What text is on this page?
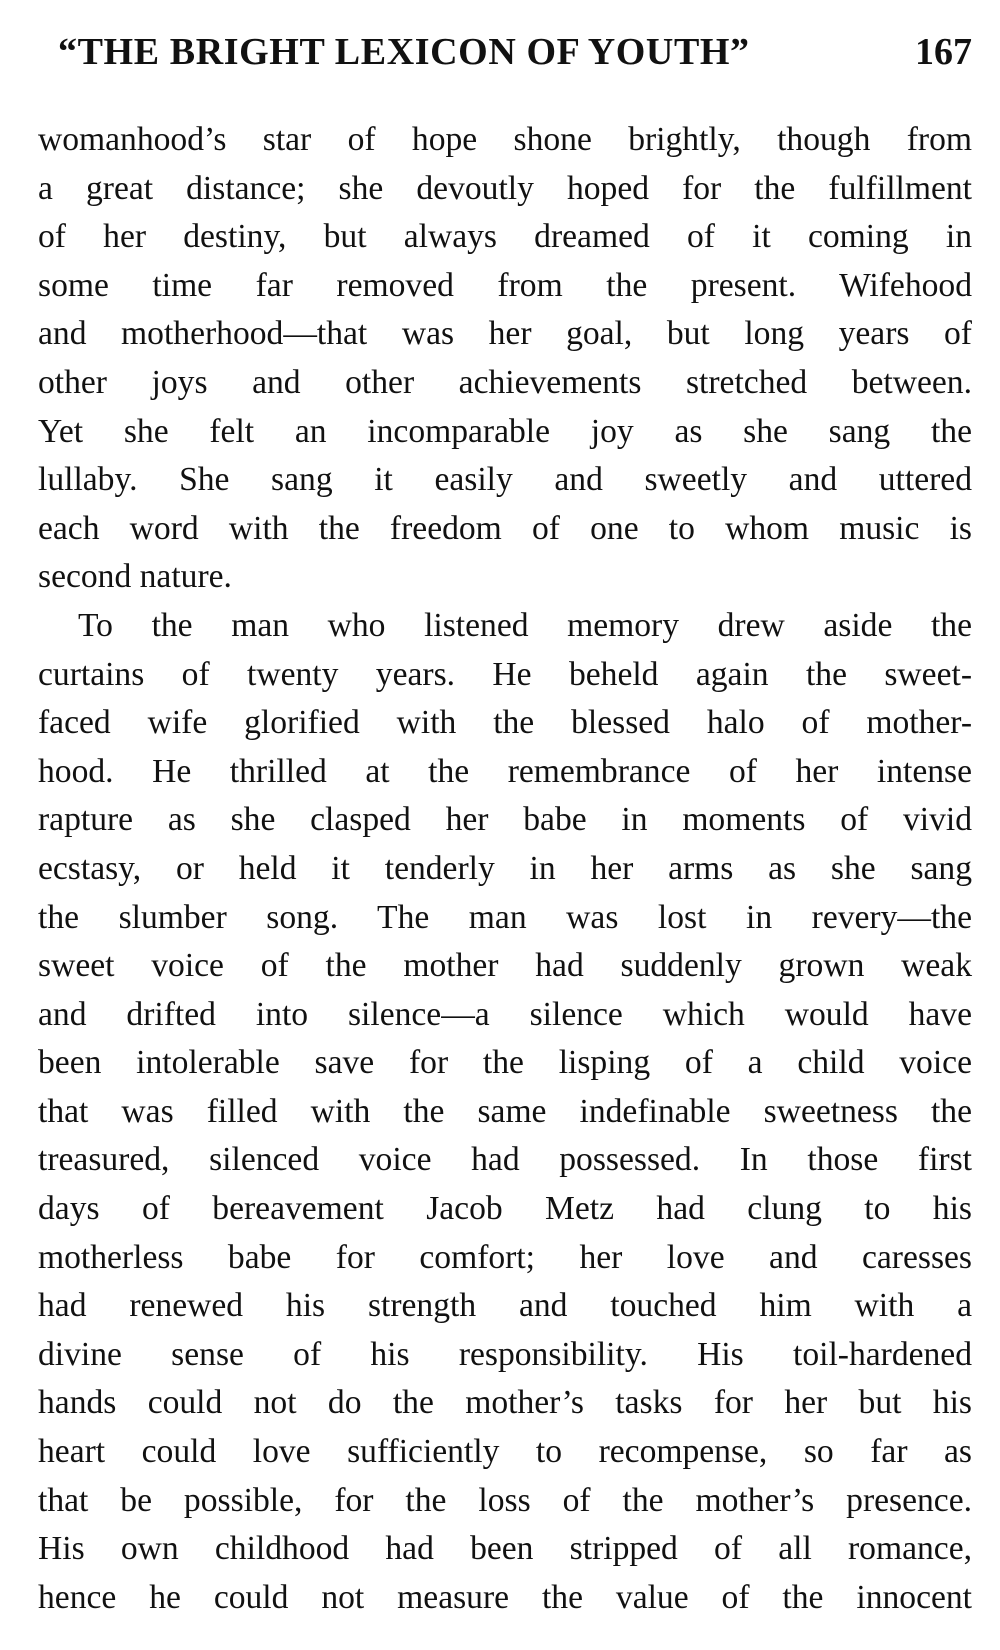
“THE BRIGHT LEXICON OF YOUTH”	167
womanhood’s star of hope shone brightly, though from
a great distance; she devoutly hoped for the fulfillment
of her destiny, but always dreamed of it coming in
some time far removed from the present. Wifehood
and motherhood—that was her goal, but long years of
other joys and other achievements stretched between.
Yet she felt an incomparable joy as she sang the
lullaby. She sang it easily and sweetly and uttered
each word with the freedom of one to whom music is
second nature.
To the man who listened memory drew aside the
curtains of twenty years. He beheld again the sweet-
faced wife glorified with the blessed halo of mother-
hood. He thrilled at the remembrance of her intense
rapture as she clasped her babe in moments of vivid
ecstasy, or held it tenderly in her arms as she sang
the slumber song. The man was lost in revery—the
sweet voice of the mother had suddenly grown weak
and drifted into silence—a silence which would have
been intolerable save for the lisping of a child voice
that was filled with the same indefinable sweetness the
treasured, silenced voice had possessed. In those first
days of bereavement Jacob Metz had clung to his
motherless babe for comfort; her love and caresses
had renewed his strength and touched him with a
divine sense of his responsibility. His toil-hardened
hands could not do the mother’s tasks for her but his
heart could love sufficiently to recompense, so far as
that be possible, for the loss of the mother’s presence.
His own childhood had been stripped of all romance,
hence he could not measure the value of the innocent
